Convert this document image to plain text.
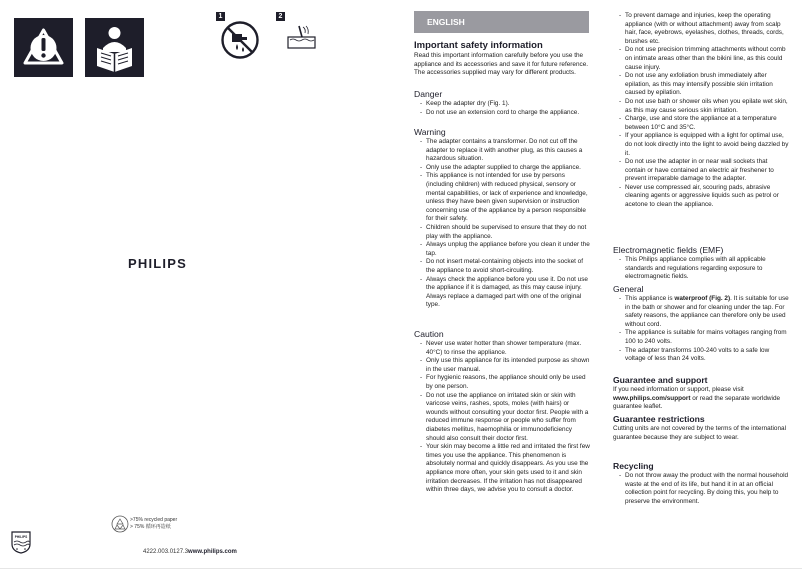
1	2
PHILIPS
>75% recycled paper
> 75% 循环再造纸
PHILIPS
4222.003.0127.3www.philips.com
ENGLISH
Important safety information

Read this important information carefully before you use the appliance and its accessories and save it for future reference. The accessories supplied may vary for different products.

Danger
- Keep the adapter dry (Fig. 1).
- Do not use an extension cord to charge the appliance.
Warning
- The adapter contains a transformer. Do not cut off the adapter to replace it with another plug, as this causes a hazardous situation.
- Only use the adapter supplied to charge the appliance.
- This appliance is not intended for use by persons (including children) with reduced physical, sensory or mental capabilities, or lack of experience and knowledge, unless they have been given supervision or instruction concerning use of the appliance by a person responsible for their safety.
- Children should be supervised to ensure that they do not play with the appliance.
- Always unplug the appliance before you clean it under the tap.
- Do not insert metal-containing objects into the socket of the appliance to avoid short-circuiting.
- Always check the appliance before you use it. Do not use the appliance if it is damaged, as this may cause injury. Always replace a damaged part with one of the original type.
Caution
- Never use water hotter than shower temperature (max. 40°C) to rinse the appliance.
- Only use this appliance for its intended purpose as shown in the user manual.
- For hygienic reasons, the appliance should only be used by one person.
- Do not use the appliance on irritated skin or skin with varicose veins, rashes, spots, moles (with hairs) or wounds without consulting your doctor first. People with a reduced immune response or people who suffer from diabetes mellitus, haemophilia or immunodeficiency should also consult their doctor first.
- Your skin may become a little red and irritated the first few times you use the appliance. This phenomenon is absolutely normal and quickly disappears. As you use the appliance more often, your skin gets used to it and skin irritation decreases. If the irritation has not disappeared within three days, we advise you to consult a doctor.
- To prevent damage and injuries, keep the operating appliance (with or without attachment) away from scalp hair, face, eyebrows, eyelashes, clothes, threads, cords, brushes etc.
- Do not use precision trimming attachments without comb on intimate areas other than the bikini line, as this could cause injury.
- Do not use any exfoliation brush immediately after epilation, as this may intensify possible skin irritation caused by epilation.
- Do not use bath or shower oils when you epilate wet skin, as this may cause serious skin irritation.
- Charge, use and store the appliance at a temperature between 10°C and 35°C.
- If your appliance is equipped with a light for optimal use, do not look directly into the light to avoid being dazzled by it.
- Do not use the adapter in or near wall sockets that contain or have contained an electric air freshener to prevent irreparable damage to the adapter.
- Never use compressed air, scouring pads, abrasive cleaning agents or aggressive liquids such as petrol or acetone to clean the appliance.
Electromagnetic fields (EMF)
- This Philips appliance complies with all applicable standards and regulations regarding exposure to electromagnetic fields.
General
- This appliance is waterproof (Fig. 2). It is suitable for use in the bath or shower and for cleaning under the tap. For safety reasons, the appliance can therefore only be used without cord.
- The appliance is suitable for mains voltages ranging from 100 to 240 volts.
- The adapter transforms 100-240 volts to a safe low voltage of less than 24 volts.
Guarantee and support

If you need information or support, please visit www.philips.com/support or read the separate worldwide guarantee leaflet.

Guarantee restrictions

Cutting units are not covered by the terms of the international guarantee because they are subject to wear.

Recycling
- Do not throw away the product with the normal household waste at the end of its life, but hand it in at an official collection point for recycling. By doing this, you help to preserve the environment.
